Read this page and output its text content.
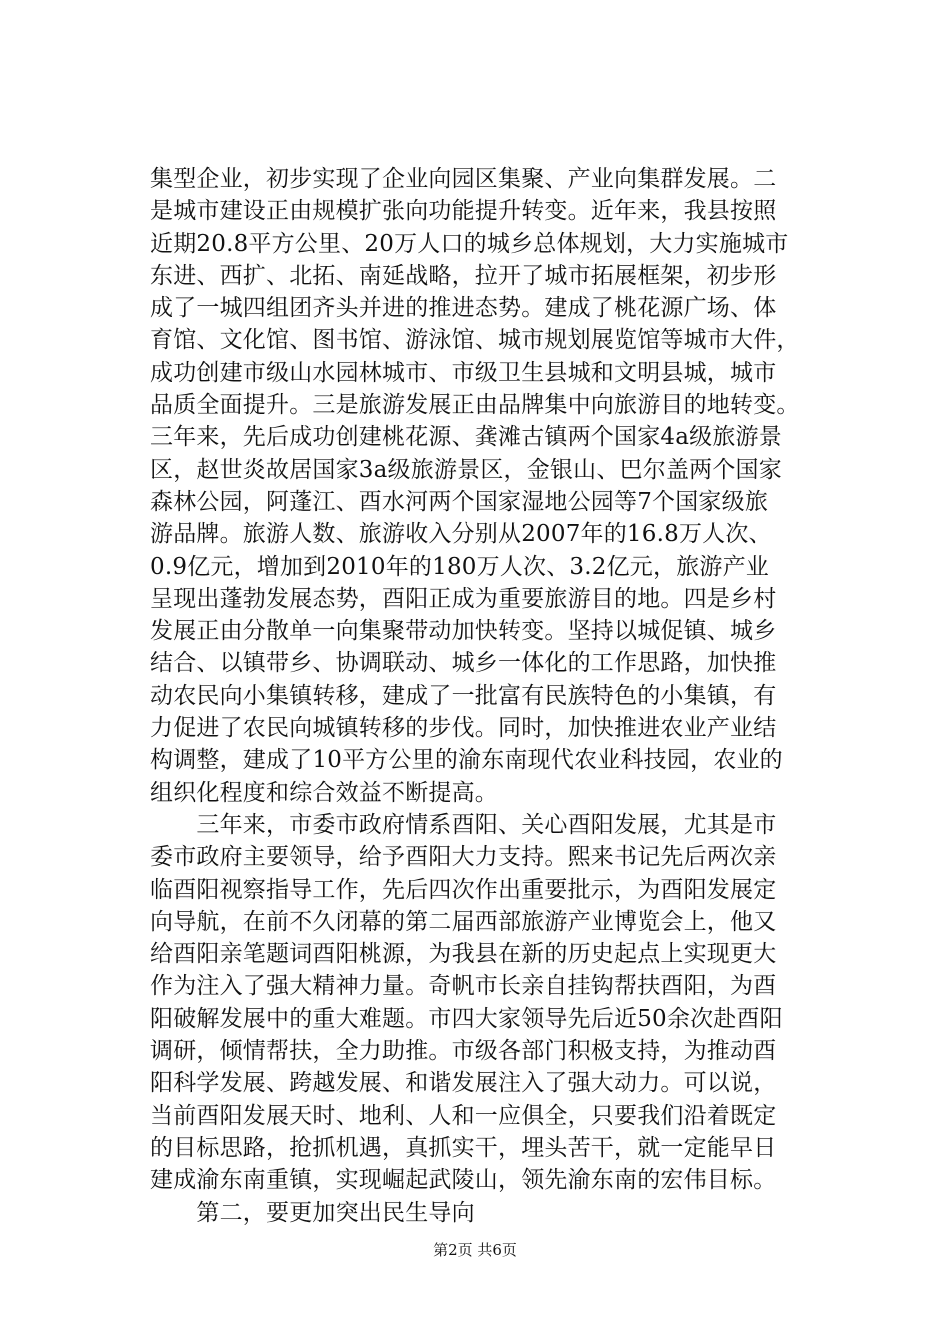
集型企业，初步实现了企业向园区集聚、产业向集群发展。二
是城市建设正由规模扩张向功能提升转变。近年来，我县按照
近期20.8平方公里、20万人口的城乡总体规划，大力实施城市
东进、西扩、北拓、南延战略，拉开了城市拓展框架，初步形
成了一城四组团齐头并进的推进态势。建成了桃花源广场、体
育馆、文化馆、图书馆、游泳馆、城市规划展览馆等城市大件，
成功创建市级山水园林城市、市级卫生县城和文明县城，城市
品质全面提升。三是旅游发展正由品牌集中向旅游目的地转变。
三年来，先后成功创建桃花源、龚滩古镇两个国家4a级旅游景
区，赵世炎故居国家3a级旅游景区，金银山、巴尔盖两个国家
森林公园，阿蓬江、酉水河两个国家湿地公园等7个国家级旅
游品牌。旅游人数、旅游收入分别从2007年的16.8万人次、
0.9亿元，增加到2010年的180万人次、3.2亿元，旅游产业
呈现出蓬勃发展态势，酉阳正成为重要旅游目的地。四是乡村
发展正由分散单一向集聚带动加快转变。坚持以城促镇、城乡
结合、以镇带乡、协调联动、城乡一体化的工作思路，加快推
动农民向小集镇转移，建成了一批富有民族特色的小集镇，有
力促进了农民向城镇转移的步伐。同时，加快推进农业产业结
构调整，建成了10平方公里的渝东南现代农业科技园，农业的
组织化程度和综合效益不断提高。
　　三年来，市委市政府情系酉阳、关心酉阳发展，尤其是市
委市政府主要领导，给予酉阳大力支持。熙来书记先后两次亲
临酉阳视察指导工作，先后四次作出重要批示，为酉阳发展定
向导航，在前不久闭幕的第二届西部旅游产业博览会上，他又
给酉阳亲笔题词酉阳桃源，为我县在新的历史起点上实现更大
作为注入了强大精神力量。奇帆市长亲自挂钩帮扶酉阳，为酉
阳破解发展中的重大难题。市四大家领导先后近50余次赴酉阳
调研，倾情帮扶，全力助推。市级各部门积极支持，为推动酉
阳科学发展、跨越发展、和谐发展注入了强大动力。可以说，
当前酉阳发展天时、地利、人和一应俱全，只要我们沿着既定
的目标思路，抢抓机遇，真抓实干，埋头苦干，就一定能早日
建成渝东南重镇，实现崛起武陵山，领先渝东南的宏伟目标。
　　第二，要更加突出民生导向
第2页 共6页
